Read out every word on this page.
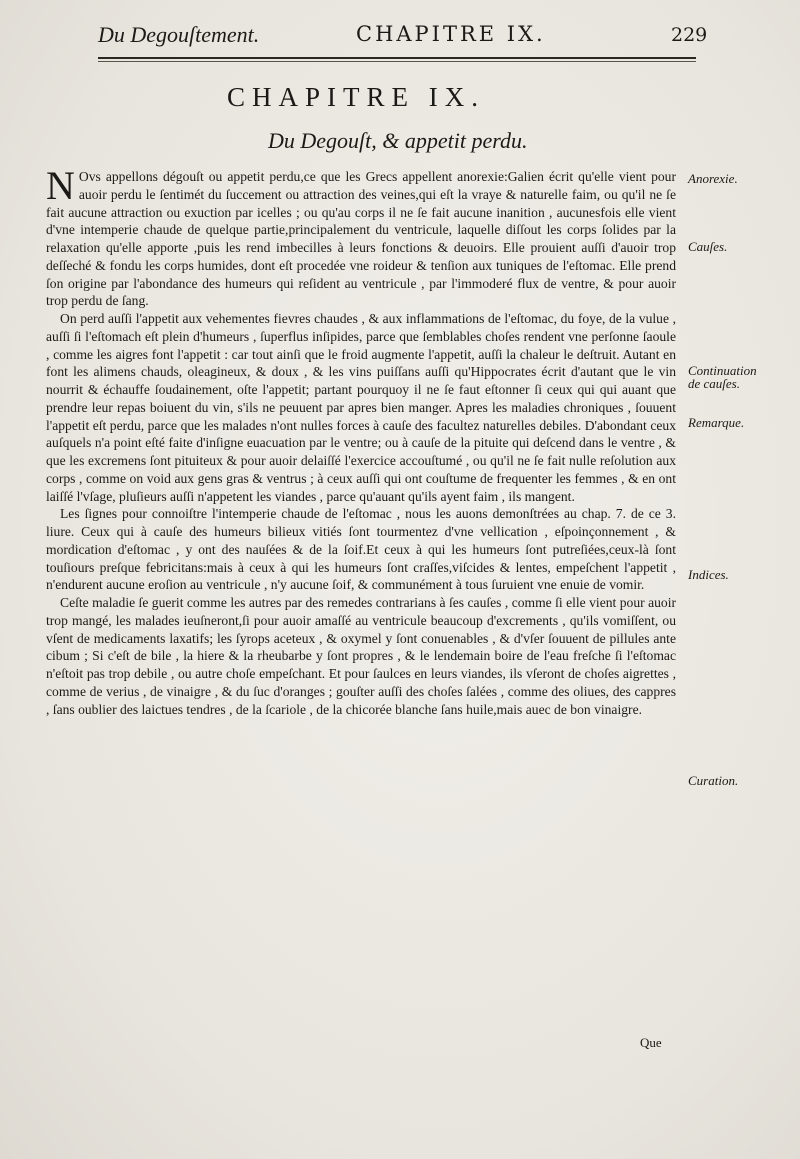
Du Degouſtement.	CHAPITRE IX.	229
CHAPITRE IX.
Du Degouſt, & appetit perdu.

N Ovs appellons dégouſt ou appetit perdu,ce que les Grecs appellent anorexie:Galien écrit qu'elle vient pour auoir perdu le ſentimét du ſuccement ou attraction des veines,qui eſt la vraye & naturelle faim, ou qu'il ne ſe fait aucune attraction ou exuction par icelles ; ou qu'au corps il ne ſe fait aucune inanition , aucunesfois elle vient d'vne intemperie chaude de quelque partie,principalement du ventricule, laquelle diſſout les corps ſolides par la relaxation qu'elle apporte ,puis les rend imbecilles à leurs fonctions & deuoirs. Elle prouient auſſi d'auoir trop deſſeché & fondu les corps humides, dont eſt procedée vne roideur & tenſion aux tuniques de l'eſtomac. Elle prend ſon origine par l'abondance des humeurs qui reſident au ventricule , par l'immoderé flux de ventre, & pour auoir trop perdu de ſang.

On perd auſſi l'appetit aux vehementes fievres chaudes , & aux inflammations de l'eſtomac, du foye, de la vulue , auſſi ſi l'eſtomach eſt plein d'humeurs , ſuperflus inſipides, parce que ſemblables choſes rendent vne perſonne ſaoule , comme les aigres font l'appetit : car tout ainſi que le froid augmente l'appetit, auſſi la chaleur le deſtruit. Autant en font les alimens chauds, oleagineux, & doux , & les vins puiſſans auſſi qu'Hippocrates écrit d'autant que le vin nourrit & échauffe ſoudainement, oſte l'appetit; partant pourquoy il ne ſe faut eſtonner ſi ceux qui qui auant que prendre leur repas boiuent du vin, s'ils ne peuuent par apres bien manger. Apres les maladies chroniques , ſouuent l'appetit eſt perdu, parce que les malades n'ont nulles forces à cauſe des facultez naturelles debiles. D'abondant ceux auſquels n'a point eſté faite d'inſigne euacuation par le ventre; ou à cauſe de la pituite qui deſcend dans le ventre , & que les excremens ſont pituiteux & pour auoir delaiſſé l'exercice accouſtumé , ou qu'il ne ſe fait nulle reſolution aux corps , comme on void aux gens gras & ventrus ; à ceux auſſi qui ont couſtume de frequenter les femmes , & en ont laiſſé l'vſage, pluſieurs auſſi n'appetent les viandes , parce qu'auant qu'ils ayent faim , ils mangent.

Les ſignes pour connoiſtre l'intemperie chaude de l'eſtomac , nous les auons demonſtrées au chap. 7. de ce 3. liure. Ceux qui à cauſe des humeurs bilieux vitiés ſont tourmentez d'vne vellication , eſpoinçonnement , & mordication d'eſtomac , y ont des nauſées & de la ſoif.Et ceux à qui les humeurs ſont putreſiées,ceux-là ſont touſiours preſque febricitans:mais à ceux à qui les humeurs ſont craſſes,viſcides & lentes, empeſchent l'appetit , n'endurent aucune eroſion au ventricule , n'y aucune ſoif, & communément à tous ſuruient vne enuie de vomir.

Ceſte maladie ſe guerit comme les autres par des remedes contrarians à ſes cauſes , comme ſi elle vient pour auoir trop mangé, les malades ieuſneront,ſi pour auoir amaſſé au ventricule beaucoup d'excrements , qu'ils vomiſſent, ou vſent de medicaments laxatifs; les ſyrops aceteux , & oxymel y ſont conuenables , & d'vſer ſouuent de pillules ante cibum ; Si c'eſt de bile , la hiere & la rheubarbe y ſont propres , & le lendemain boire de l'eau freſche ſi l'eſtomac n'eſtoit pas trop debile , ou autre choſe empeſchant. Et pour ſaulces en leurs viandes, ils vſeront de choſes aigrettes , comme de verius , de vinaigre , & du ſuc d'oranges ; gouſter auſſi des choſes ſalées , comme des oliues, des cappres , ſans oublier des laictues tendres , de la ſcariole , de la chicorée blanche ſans huile,mais auec de bon vinaigre.

Anorexie.
Cauſes.
Continuation de cauſes.
Remarque.
Indices.
Curation.
Que
